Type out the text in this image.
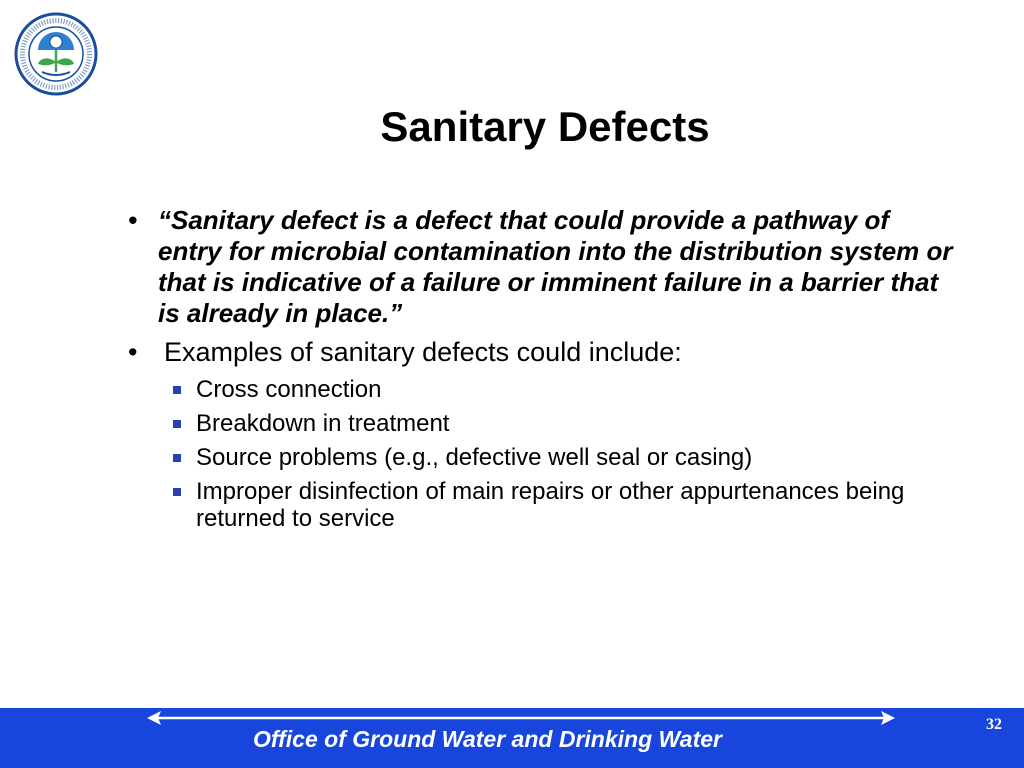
Sanitary Defects
• “Sanitary defect is a defect that could provide a pathway of entry for microbial contamination into the distribution system or that is indicative of a failure or imminent failure in a barrier that is already in place.”
• Examples of sanitary defects could include:
Cross connection
Breakdown in treatment
Source problems (e.g., defective well seal or casing)
Improper disinfection of main repairs or other appurtenances being returned to service
Office of Ground Water and Drinking Water
32
